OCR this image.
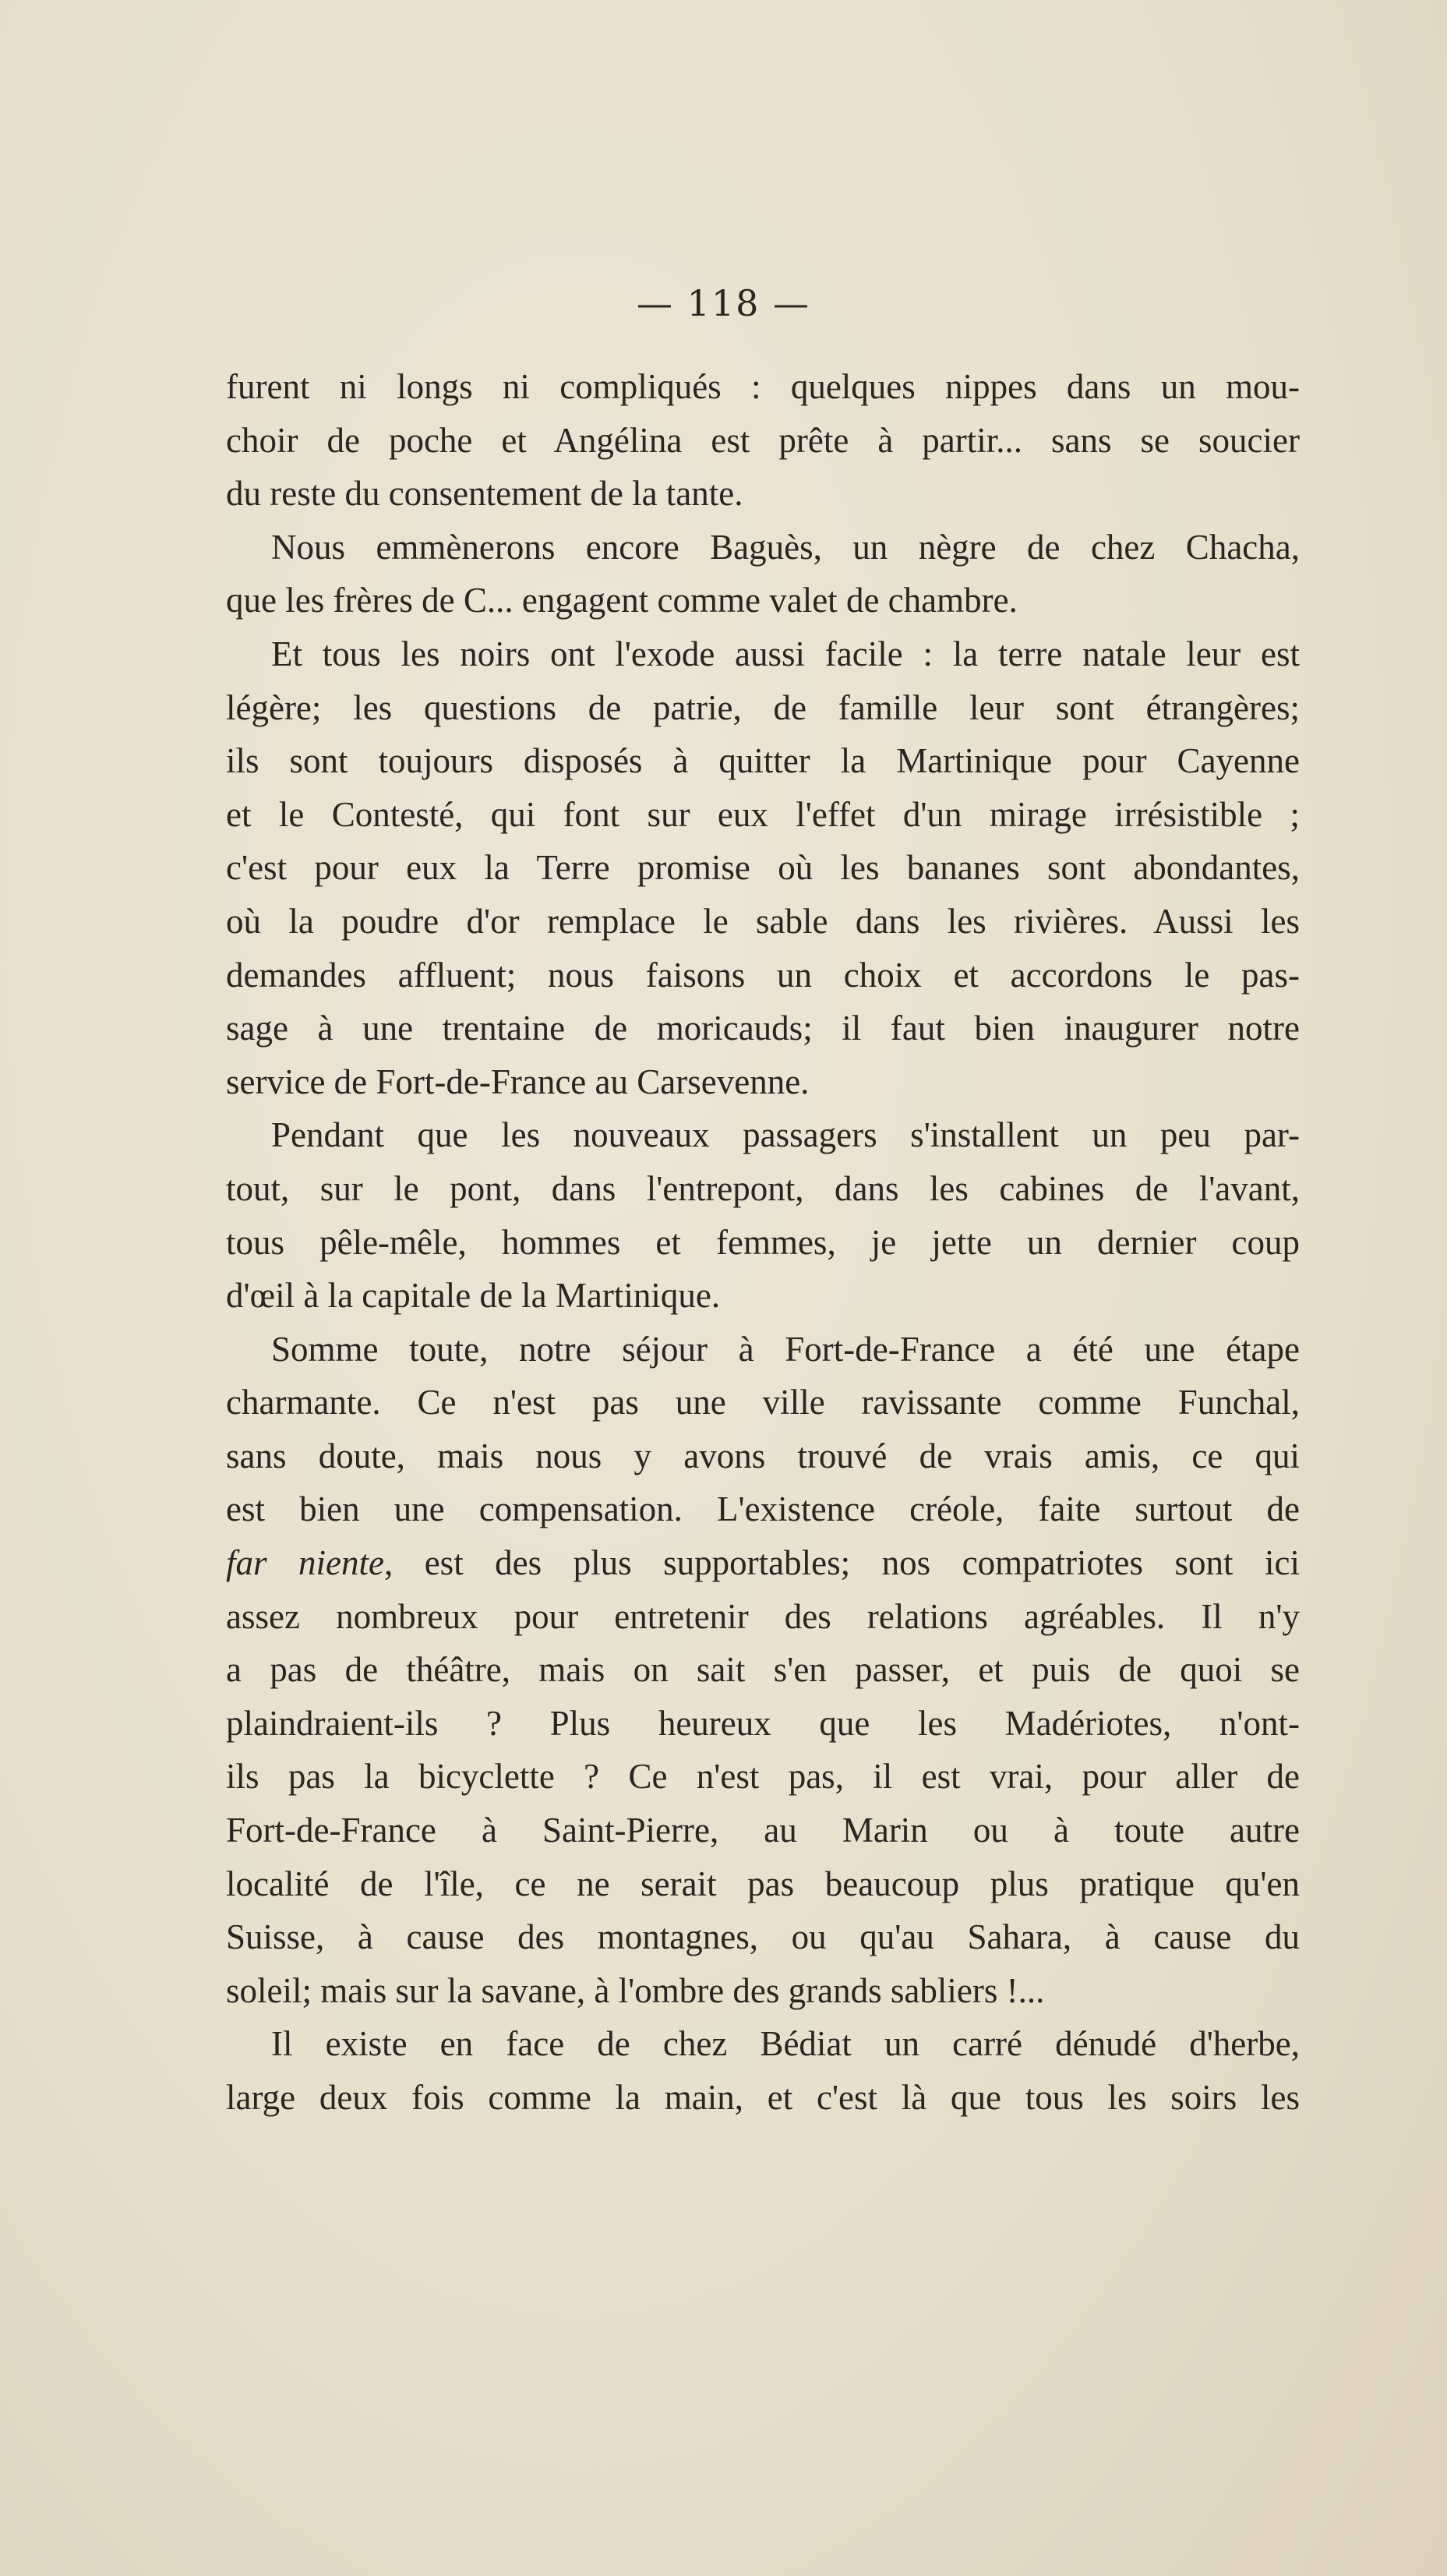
— 118 —

furent ni longs ni compliqués : quelques nippes dans un mou-
choir de poche et Angélina est prête à partir... sans se soucier
du reste du consentement de la tante.

Nous emmènerons encore Baguès, un nègre de chez Chacha,
que les frères de C... engagent comme valet de chambre.

Et tous les noirs ont l'exode aussi facile : la terre natale leur est
légère; les questions de patrie, de famille leur sont étrangères;
ils sont toujours disposés à quitter la Martinique pour Cayenne
et le Contesté, qui font sur eux l'effet d'un mirage irrésistible ;
c'est pour eux la Terre promise où les bananes sont abondantes,
où la poudre d'or remplace le sable dans les rivières. Aussi les
demandes affluent; nous faisons un choix et accordons le pas-
sage à une trentaine de moricauds; il faut bien inaugurer notre
service de Fort-de-France au Carsevenne.

Pendant que les nouveaux passagers s'installent un peu par-
tout, sur le pont, dans l'entrepont, dans les cabines de l'avant,
tous pêle-mêle, hommes et femmes, je jette un dernier coup
d'œil à la capitale de la Martinique.

Somme toute, notre séjour à Fort-de-France a été une étape
charmante. Ce n'est pas une ville ravissante comme Funchal,
sans doute, mais nous y avons trouvé de vrais amis, ce qui
est bien une compensation. L'existence créole, faite surtout de
far niente, est des plus supportables; nos compatriotes sont ici
assez nombreux pour entretenir des relations agréables. Il n'y
a pas de théâtre, mais on sait s'en passer, et puis de quoi se
plaindraient-ils ? Plus heureux que les Madériotes, n'ont-
ils pas la bicyclette ? Ce n'est pas, il est vrai, pour aller de
Fort-de-France à Saint-Pierre, au Marin ou à toute autre
localité de l'île, ce ne serait pas beaucoup plus pratique qu'en
Suisse, à cause des montagnes, ou qu'au Sahara, à cause du
soleil; mais sur la savane, à l'ombre des grands sabliers !...

Il existe en face de chez Bédiat un carré dénudé d'herbe,
large deux fois comme la main, et c'est là que tous les soirs les
